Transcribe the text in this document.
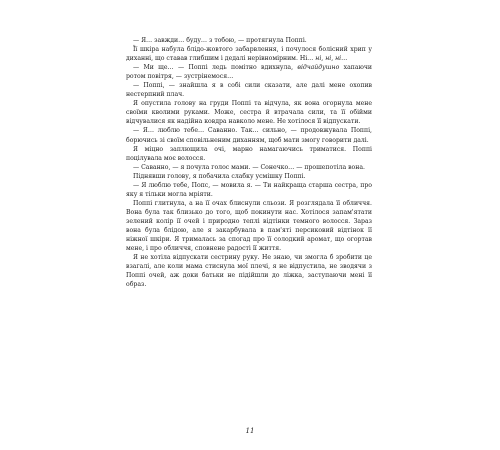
— Я… завжди… буду… з тобою, — протягнула Поппі.

Її шкіра набула блідо-жовтого забарвлення, і почулося болісний хрип у диханні, що ставав глибшим і дедалі нерівномірним. Ні… ні, ні, ні…

— Ми ще… — Поппі ледь помітно вдихнула, відчайдушно хапаючи ротом повітря, — зустрінемося…

— Поппі, — знайшла я в собі сили сказати, але далі мене охопив нестерпний плач.

Я опустила голову на груди Поппі та відчула, як вона огорнула мене своїми кволими руками. Може, сестра й втрачала сили, та її обійми відчувалися як надійна ковдра навколо мене. Не хотілося її відпускати.

— Я… люблю тебе… Саванно. Так… сильно, — продовжувала Поппі, борючись зі своїм сповільненим диханням, щоб мати змогу говорити далі.

Я міцно заплющила очі, марно намагаючись триматися. Поппі поцілувала моє волосся.

— Саванно, — я почула голос мами. — Сонечко… — прошепотіла вона.

Піднявши голову, я побачила слабку усмішку Поппі.

— Я люблю тебе, Попс, — мовила я. — Ти найкраща старша сестра, про яку я тільки могла мріяти.

Поппі глитнула, а на її очах блиснули сльози. Я розглядала її обличчя. Вона була так близько до того, щоб покинути нас. Хотілося запам'ятати зелений колір її очей і природно теплі відтінки темного волосся. Зараз вона була блідою, але я закарбувала в пам'яті персиковий відтінок її ніжної шкіри. Я трималась за спогад про її солодкий аромат, що огортав мене, і про обличчя, сповнене радості її життя.

Я не хотіла відпускати сестрину руку. Не знаю, чи змогла б зробити це взагалі, але коли мама стиснула мої плечі, я не відпустила, не зводячи з Поппі очей, аж доки батьки не підійшли до ліжка, заступаючи мені її образ.

11
